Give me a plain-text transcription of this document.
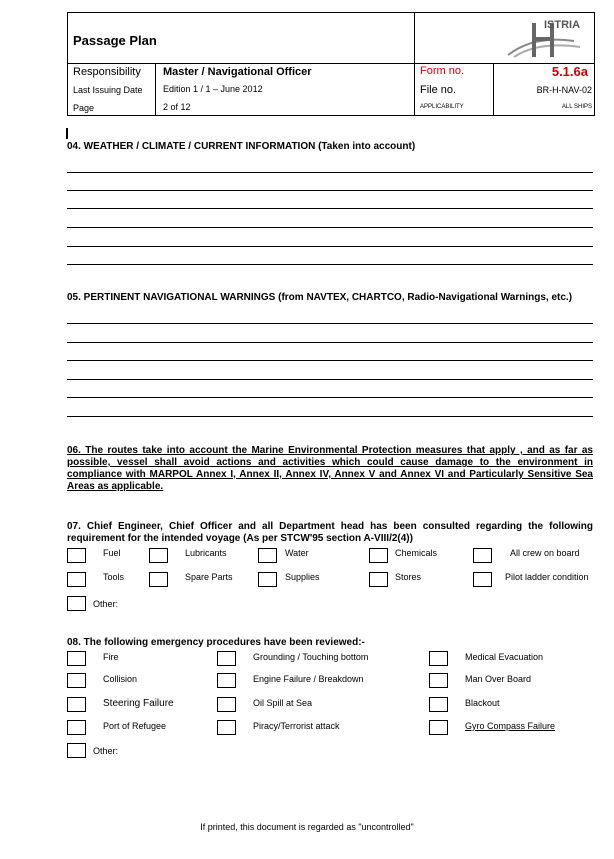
Passage Plan
Responsibility Master / Navigational Officer
Last Issuing Date Edition 1 / 1 – June 2012
Page	2 of 12
Form no.	5.1.6a
File no.	BR-H-NAV-02
APPLICABILITY	ALL SHIPS
ISTRIA
04. WEATHER / CLIMATE / CURRENT INFORMATION (Taken into account)
05. PERTINENT NAVIGATIONAL WARNINGS (from NAVTEX, CHARTCO, Radio-Navigational Warnings, etc.)
06. The routes take into account the Marine Environmental Protection measures that apply , and as far as possible, vessel shall avoid actions and activities which could cause damage to the environment in compliance with MARPOL Annex I, Annex II, Annex IV, Annex V and Annex VI and Particularly Sensitive Sea Areas as applicable.
07. Chief Engineer, Chief Officer and all Department head has been consulted regarding the following requirement for the intended voyage (As per STCW'95 section A-VIII/2(4))
Fuel	Lubricants	Water	Chemicals	All crew on board
Tools	Spare Parts	Supplies	Stores	Pilot ladder condition
Other:
08. The following emergency procedures have been reviewed:-
Fire	Grounding / Touching bottom	Medical Evacuation
Collision	Engine Failure / Breakdown	Man Over Board
Steering Failure	Oil Spill at Sea	Blackout
Port of Refugee	Piracy/Terrorist attack	Gyro Compass Failure
Other:
If printed, this document is regarded as "uncontrolled"
